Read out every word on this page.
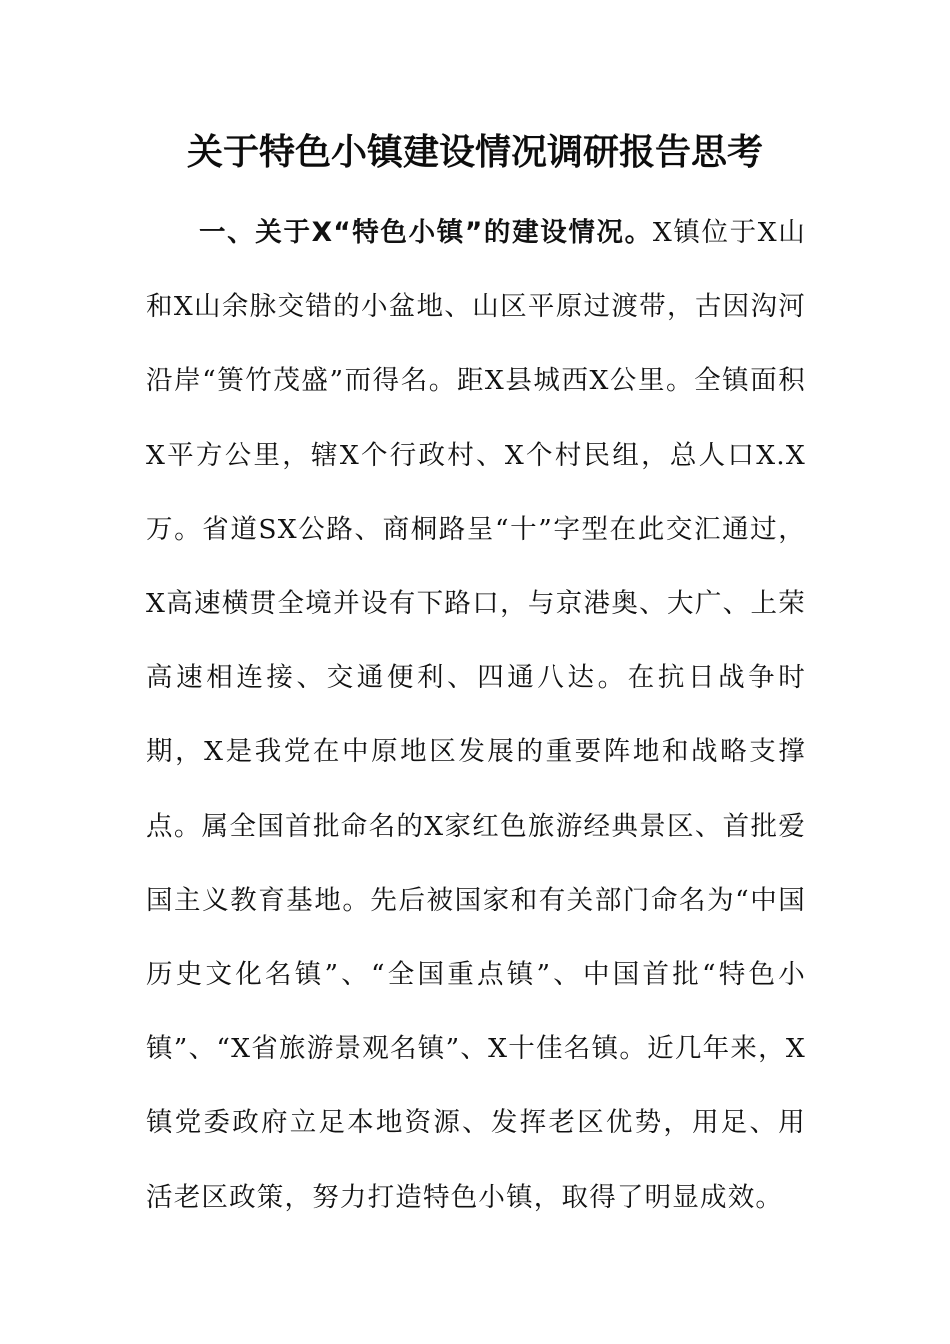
关于特色小镇建设情况调研报告思考

一、关于X“特色小镇”的建设情况。X镇位于X山和X山余脉交错的小盆地、山区平原过渡带，古因沟河沿岸“篑竹茂盛”而得名。距X县城西X公里。全镇面积X平方公里，辖X个行政村、X个村民组，总人口X.X万。省道SX公路、商桐路呈“十”字型在此交汇通过，X高速横贯全境并设有下路口，与京港奥、大广、上荣高速相连接、交通便利、四通八达。在抗日战争时期，X是我党在中原地区发展的重要阵地和战略支撑点。属全国首批命名的X家红色旅游经典景区、首批爱国主义教育基地。先后被国家和有关部门命名为“中国历史文化名镇”、“全国重点镇”、中国首批“特色小镇”、“X省旅游景观名镇”、X十佳名镇。近几年来，X镇党委政府立足本地资源、发挥老区优势，用足、用活老区政策，努力打造特色小镇，取得了明显成效。
